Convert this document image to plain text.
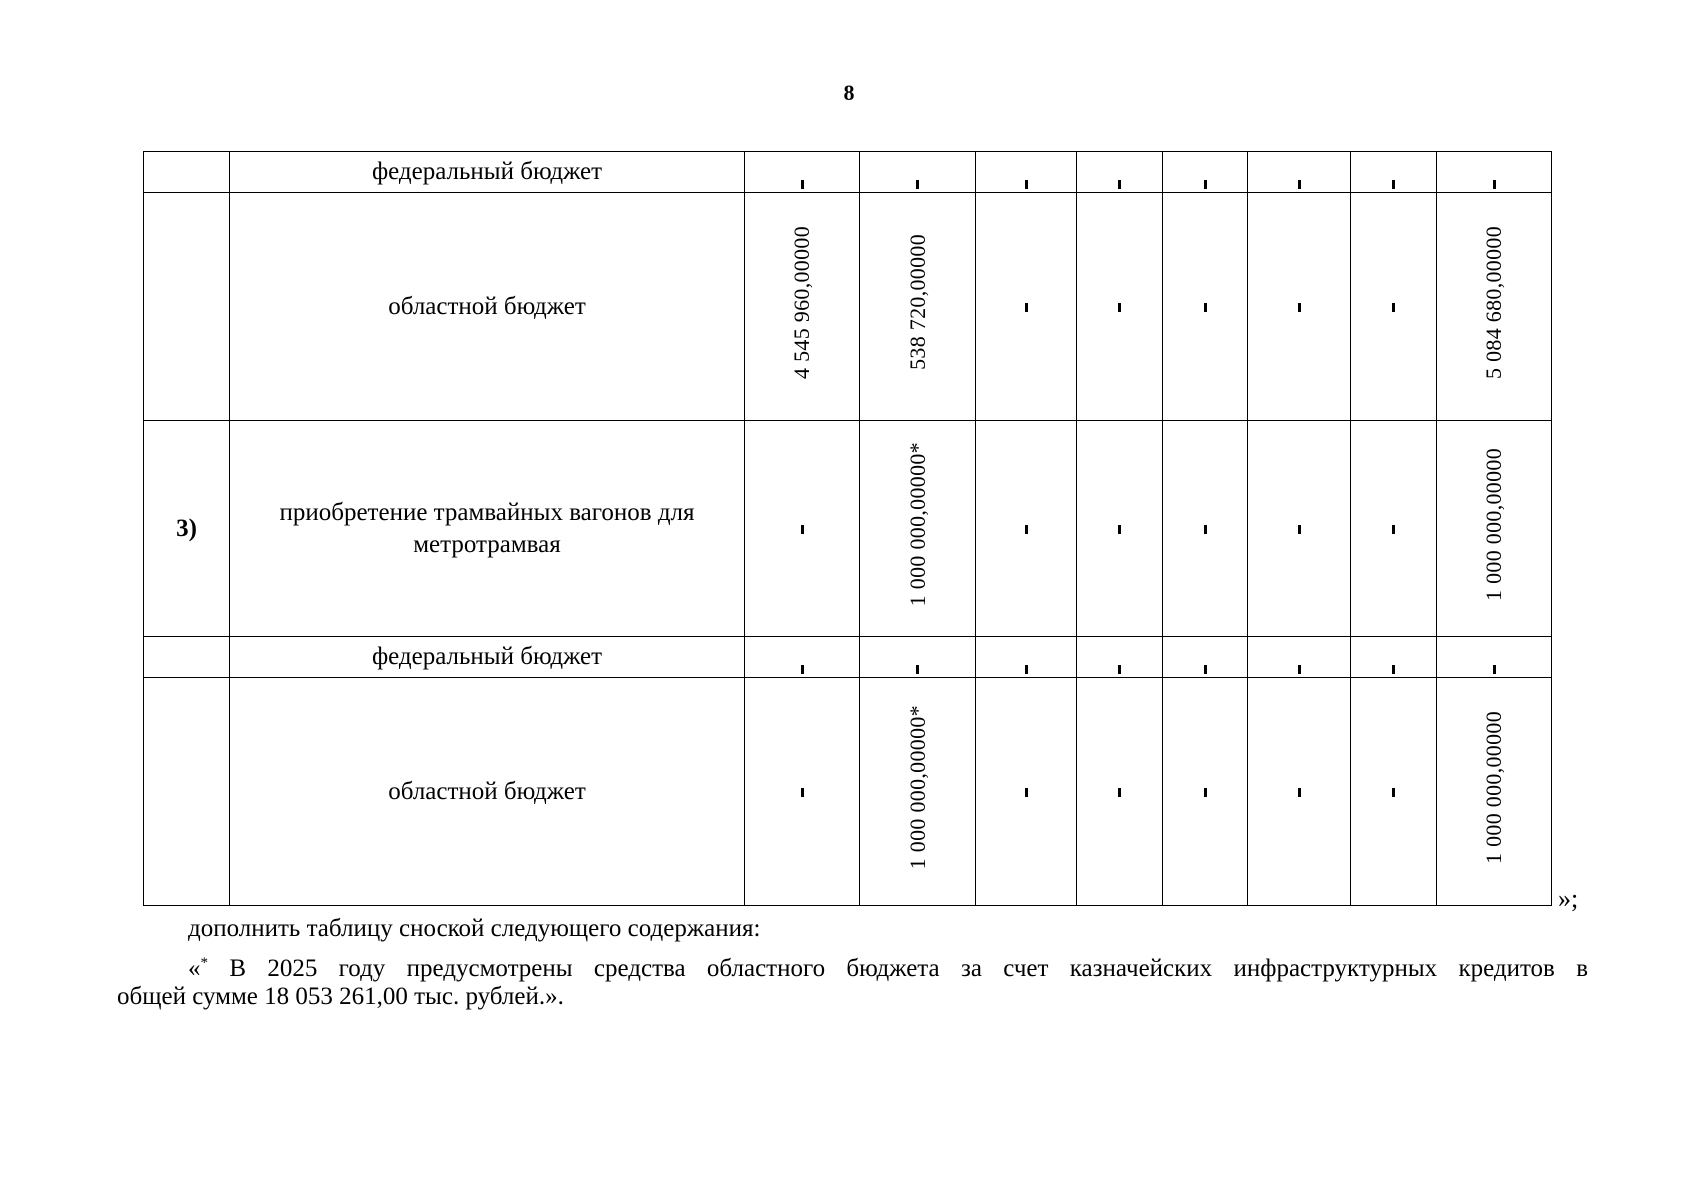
8
	федеральный бюджет								
	областной бюджет	4 545 960,00000	538 720,00000						5 084 680,00000
3)	приобретение трамвайных вагонов для метротрамвая		1 000 000,00000*						1 000 000,00000
	федеральный бюджет								
	областной бюджет		1 000 000,00000*						1 000 000,00000
»;
дополнить таблицу сноской следующего содержания:
«* В 2025 году предусмотрены средства областного бюджета за счет казначейских инфраструктурных кредитов в
общей сумме 18 053 261,00 тыс. рублей.».
